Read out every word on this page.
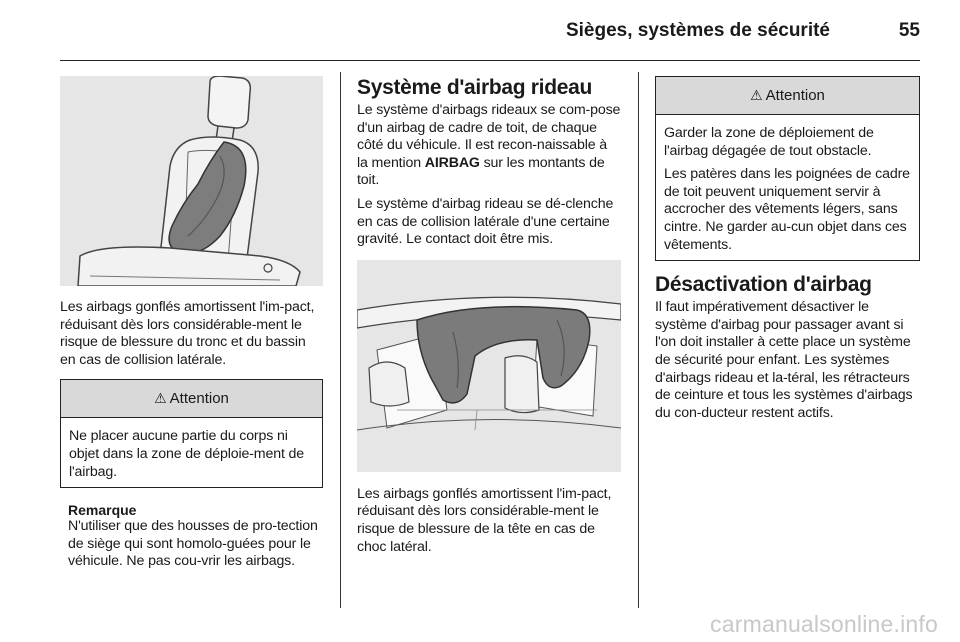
Sièges, systèmes de sécurité	55
Les airbags gonflés amortissent l'im-pact, réduisant dès lors considérable-ment le risque de blessure du tronc et du bassin en cas de collision latérale.
⚠ Attention
Ne placer aucune partie du corps ni objet dans la zone de déploie-ment de l'airbag.
Remarque
N'utiliser que des housses de pro-tection de siège qui sont homolo-guées pour le véhicule. Ne pas cou-vrir les airbags.
Système d'airbag rideau
Le système d'airbags rideaux se com-pose d'un airbag de cadre de toit, de chaque côté du véhicule. Il est recon-naissable à la mention AIRBAG sur les montants de toit.
Le système d'airbag rideau se dé-clenche en cas de collision latérale d'une certaine gravité. Le contact doit être mis.
Les airbags gonflés amortissent l'im-pact, réduisant dès lors considérable-ment le risque de blessure de la tête en cas de choc latéral.
⚠ Attention
Garder la zone de déploiement de l'airbag dégagée de tout obstacle.
Les patères dans les poignées de cadre de toit peuvent uniquement servir à accrocher des vêtements légers, sans cintre. Ne garder au-cun objet dans ces vêtements.
Désactivation d'airbag
Il faut impérativement désactiver le système d'airbag pour passager avant si l'on doit installer à cette place un système de sécurité pour enfant. Les systèmes d'airbags rideau et la-téral, les rétracteurs de ceinture et tous les systèmes d'airbags du con-ducteur restent actifs.
carmanualsonline.info
